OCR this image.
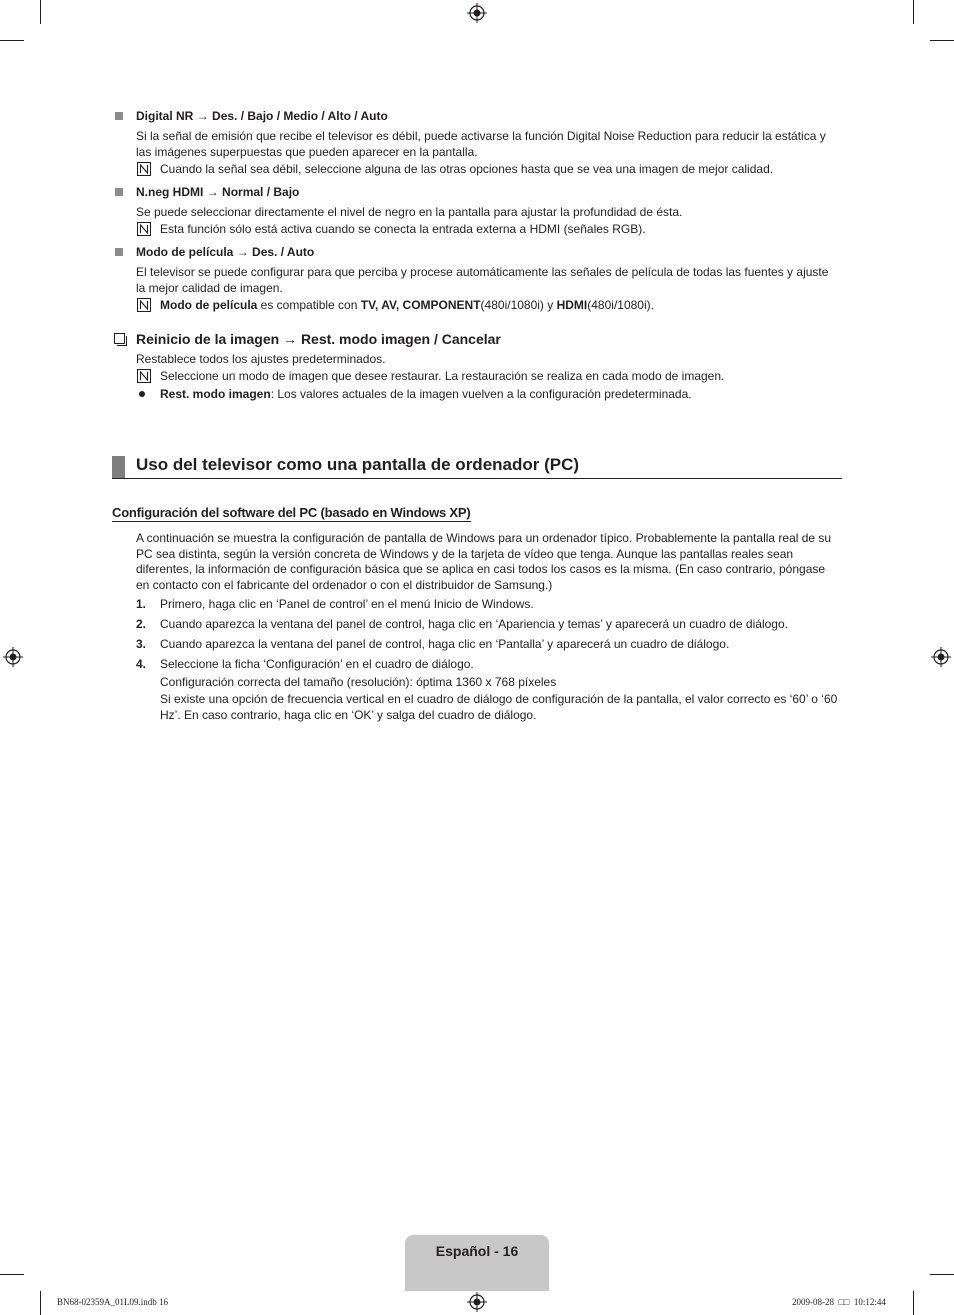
Digital NR → Des. / Bajo / Medio / Alto / Auto
Si la señal de emisión que recibe el televisor es débil, puede activarse la función Digital Noise Reduction para reducir la estática y las imágenes superpuestas que pueden aparecer en la pantalla.
Cuando la señal sea débil, seleccione alguna de las otras opciones hasta que se vea una imagen de mejor calidad.
N.neg HDMI → Normal / Bajo
Se puede seleccionar directamente el nivel de negro en la pantalla para ajustar la profundidad de ésta.
Esta función sólo está activa cuando se conecta la entrada externa a HDMI (señales RGB).
Modo de película → Des. / Auto
El televisor se puede configurar para que perciba y procese automáticamente las señales de película de todas las fuentes y ajuste la mejor calidad de imagen.
Modo de película es compatible con TV, AV, COMPONENT(480i/1080i) y HDMI(480i/1080i).
Reinicio de la imagen → Rest. modo imagen / Cancelar
Restablece todos los ajustes predeterminados.
Seleccione un modo de imagen que desee restaurar. La restauración se realiza en cada modo de imagen.
Rest. modo imagen: Los valores actuales de la imagen vuelven a la configuración predeterminada.
Uso del televisor como una pantalla de ordenador (PC)
Configuración del software del PC (basado en Windows XP)
A continuación se muestra la configuración de pantalla de Windows para un ordenador típico. Probablemente la pantalla real de su PC sea distinta, según la versión concreta de Windows y de la tarjeta de vídeo que tenga. Aunque las pantallas reales sean diferentes, la información de configuración básica que se aplica en casi todos los casos es la misma. (En caso contrario, póngase en contacto con el fabricante del ordenador o con el distribuidor de Samsung.)
1. Primero, haga clic en ‘Panel de control’ en el menú Inicio de Windows.
2. Cuando aparezca la ventana del panel de control, haga clic en ‘Apariencia y temas’ y aparecerá un cuadro de diálogo.
3. Cuando aparezca la ventana del panel de control, haga clic en ‘Pantalla’ y aparecerá un cuadro de diálogo.
4. Seleccione la ficha ‘Configuración’ en el cuadro de diálogo.
Configuración correcta del tamaño (resolución): óptima 1360 x 768 píxeles
Si existe una opción de frecuencia vertical en el cuadro de diálogo de configuración de la pantalla, el valor correcto es ‘60’ o ‘60 Hz’. En caso contrario, haga clic en ‘OK’ y salga del cuadro de diálogo.
Español - 16
BN68-02359A_01L09.indb 16	2009-08-28 □□ 10:12:44
